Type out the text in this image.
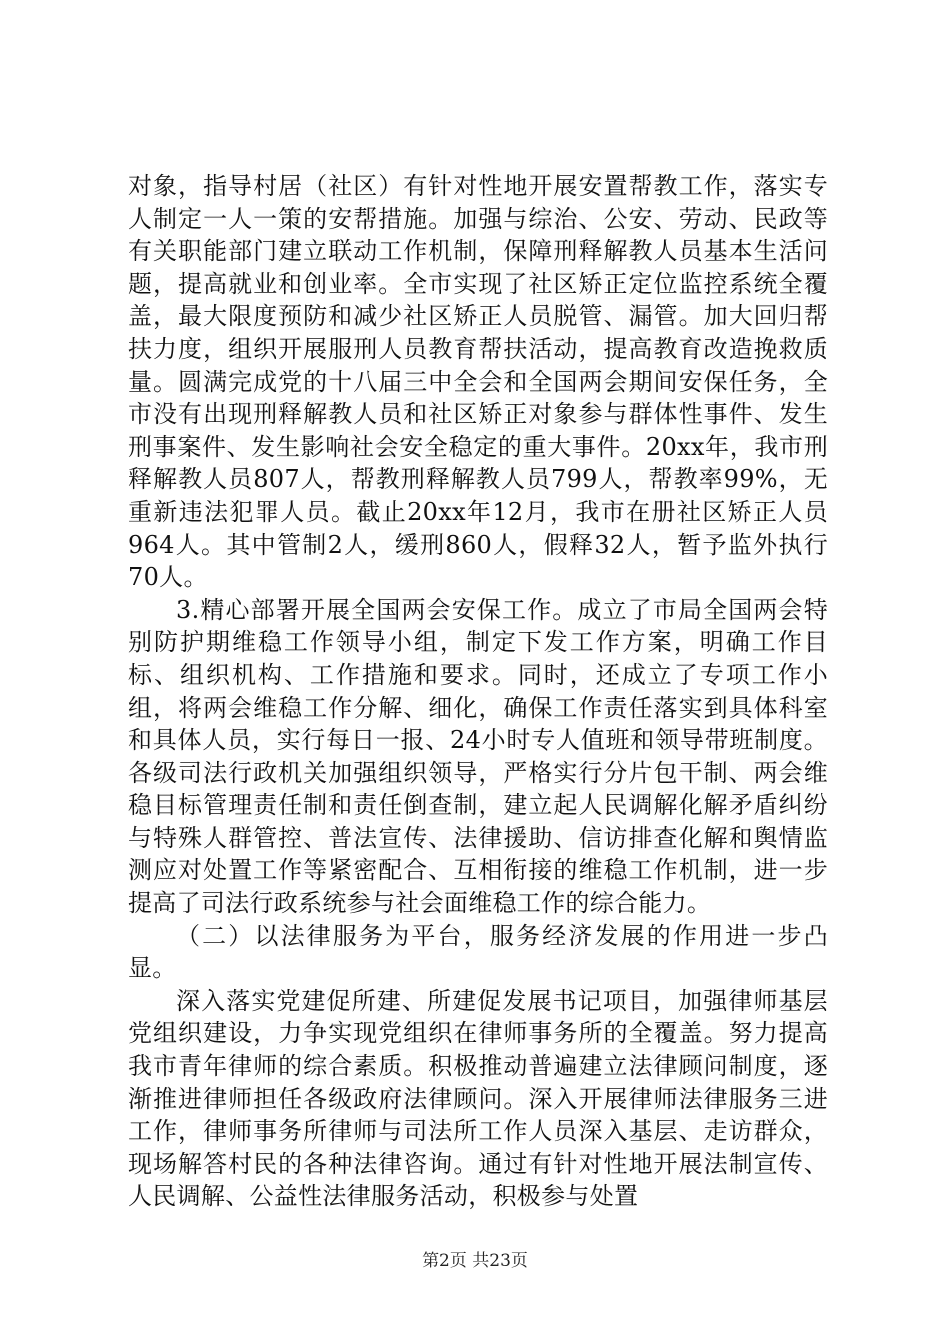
对象，指导村居（社区）有针对性地开展安置帮教工作，落实专人制定一人一策的安帮措施。加强与综治、公安、劳动、民政等有关职能部门建立联动工作机制，保障刑释解教人员基本生活问题，提高就业和创业率。全市实现了社区矫正定位监控系统全覆盖，最大限度预防和减少社区矫正人员脱管、漏管。加大回归帮扶力度，组织开展服刑人员教育帮扶活动，提高教育改造挽救质量。圆满完成党的十八届三中全会和全国两会期间安保任务，全市没有出现刑释解教人员和社区矫正对象参与群体性事件、发生刑事案件、发生影响社会安全稳定的重大事件。20xx年，我市刑释解教人员807人，帮教刑释解教人员799人，帮教率99%，无重新违法犯罪人员。截止20xx年12月，我市在册社区矫正人员964人。其中管制2人，缓刑860人，假释32人，暂予监外执行70人。

3.精心部署开展全国两会安保工作。成立了市局全国两会特别防护期维稳工作领导小组，制定下发工作方案，明确工作目标、组织机构、工作措施和要求。同时，还成立了专项工作小组，将两会维稳工作分解、细化，确保工作责任落实到具体科室和具体人员，实行每日一报、24小时专人值班和领导带班制度。各级司法行政机关加强组织领导，严格实行分片包干制、两会维稳目标管理责任制和责任倒查制，建立起人民调解化解矛盾纠纷与特殊人群管控、普法宣传、法律援助、信访排查化解和舆情监测应对处置工作等紧密配合、互相衔接的维稳工作机制，进一步提高了司法行政系统参与社会面维稳工作的综合能力。

（二）以法律服务为平台，服务经济发展的作用进一步凸显。

深入落实党建促所建、所建促发展书记项目，加强律师基层党组织建设，力争实现党组织在律师事务所的全覆盖。努力提高我市青年律师的综合素质。积极推动普遍建立法律顾问制度，逐渐推进律师担任各级政府法律顾问。深入开展律师法律服务三进工作，律师事务所律师与司法所工作人员深入基层、走访群众，现场解答村民的各种法律咨询。通过有针对性地开展法制宣传、人民调解、公益性法律服务活动，积极参与处置

第2页 共23页
